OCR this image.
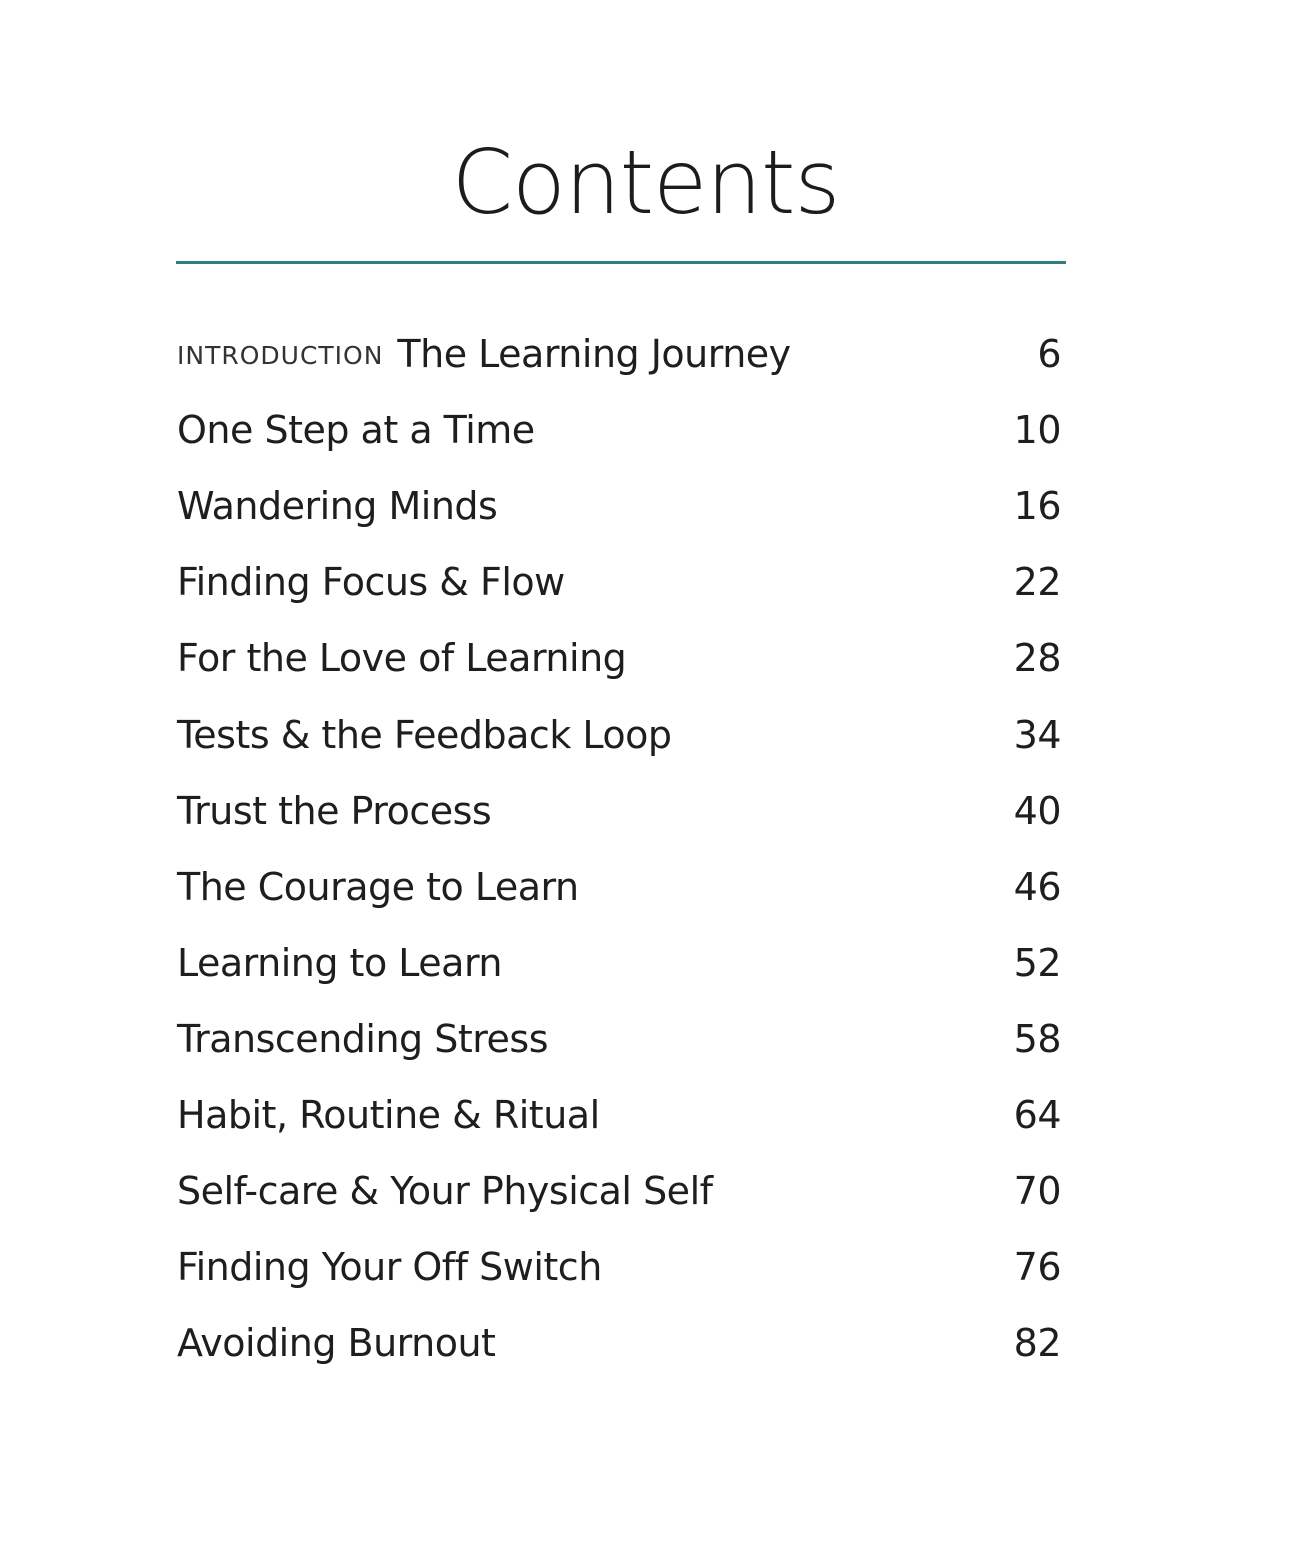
Contents
INTRODUCTION The Learning Journey	6
One Step at a Time	10
Wandering Minds	16
Finding Focus & Flow	22
For the Love of Learning	28
Tests & the Feedback Loop	34
Trust the Process	40
The Courage to Learn	46
Learning to Learn	52
Transcending Stress	58
Habit, Routine & Ritual	64
Self-care & Your Physical Self	70
Finding Your Off Switch	76
Avoiding Burnout	82
